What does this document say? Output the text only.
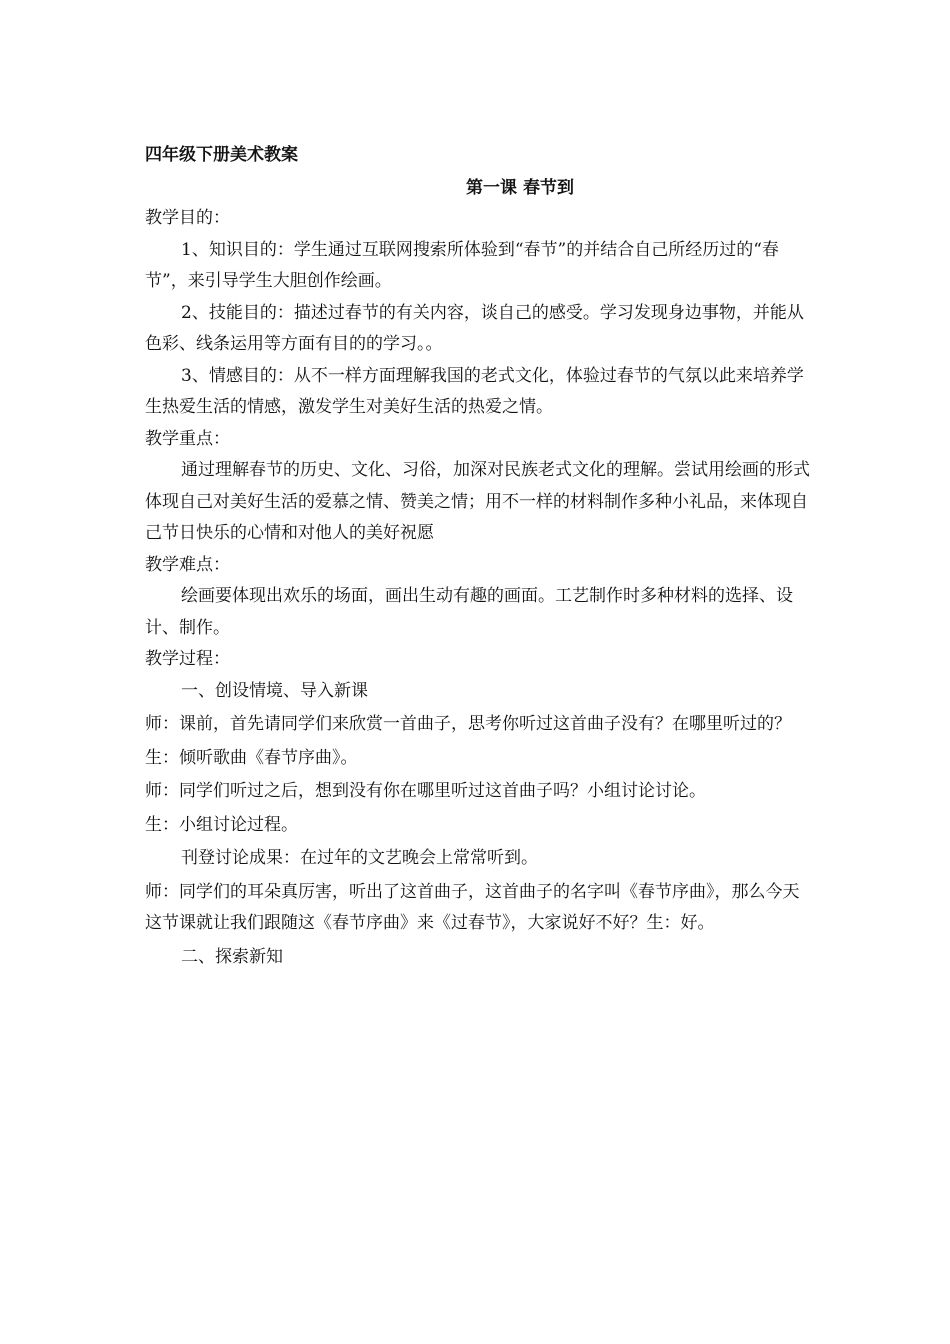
四年级下册美术教案
第一课 春节到

教学目的：

1、知识目的：学生通过互联网搜索所体验到“春节”的并结合自己所经历过的“春节”，来引导学生大胆创作绘画。

2、技能目的：描述过春节的有关内容，谈自己的感受。学习发现身边事物，并能从色彩、线条运用等方面有目的的学习。。

3、情感目的：从不一样方面理解我国的老式文化，体验过春节的气氛以此来培养学生热爱生活的情感，激发学生对美好生活的热爱之情。

教学重点：

通过理解春节的历史、文化、习俗，加深对民族老式文化的理解。尝试用绘画的形式体现自己对美好生活的爱慕之情、赞美之情；用不一样的材料制作多种小礼品，来体现自己节日快乐的心情和对他人的美好祝愿

教学难点：

绘画要体现出欢乐的场面，画出生动有趣的画面。工艺制作时多种材料的选择、设计、制作。

教学过程：

一、创设情境、导入新课

师：课前，首先请同学们来欣赏一首曲子，思考你听过这首曲子没有？在哪里听过的？

生：倾听歌曲《春节序曲》。

师：同学们听过之后，想到没有你在哪里听过这首曲子吗？小组讨论讨论。

生：小组讨论过程。

刊登讨论成果：在过年的文艺晚会上常常听到。

师：同学们的耳朵真厉害，听出了这首曲子，这首曲子的名字叫《春节序曲》，那么今天这节课就让我们跟随这《春节序曲》来《过春节》，大家说好不好？生：好。

二、探索新知
